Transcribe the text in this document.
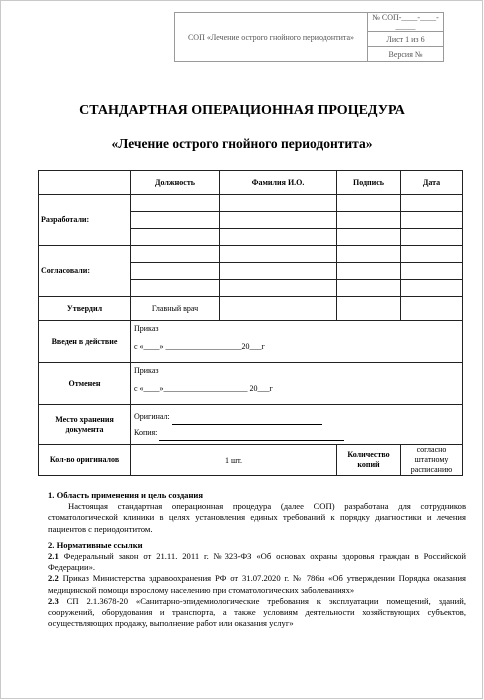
СОП «Лечение острого гнойного периодонтита»	№ СОП-____-____-_____
Лист 1 из 6
Версия №
СТАНДАРТНАЯ ОПЕРАЦИОННАЯ ПРОЦЕДУРА
«Лечение острого гнойного периодонтита»
	Должность	Фамилия И.О.	Подпись	Дата
Разработали:				

Согласовали:				

Утвердил	Главный врач			
Введен в действие	Приказ
с «____» ___________________20___г			

Отменен	Приказ
с «____»_____________________ 20___г			

Место хранения документа	Оригинал:
Копия:			

Кол-во оригиналов	1 шт.		Количество копий	согласно штатному расписанию

1. Область применения и цель создания

Настоящая стандартная операционная процедура (далее СОП) разработана для сотрудников стоматологической клиники в целях установления единых требований к порядку диагностики и лечения пациентов с периодонтитом.

2. Нормативные ссылки

2.1 Федеральный закон от 21.11. 2011 г. №323-ФЗ «Об основах охраны здоровья граждан в Российской Федерации».

2.2 Приказ Министерства здравоохранения РФ от 31.07.2020 г. № 786н «Об утверждении Порядка оказания медицинской помощи взрослому населению при стоматологических заболеваниях»

2.3 СП 2.1.3678-20 «Санитарно-эпидемиологические требования к эксплуатации помещений, зданий, сооружений, оборудования и транспорта, а также условиям деятельности хозяйствующих субъектов, осуществляющих продажу, выполнение работ или оказания услуг»
